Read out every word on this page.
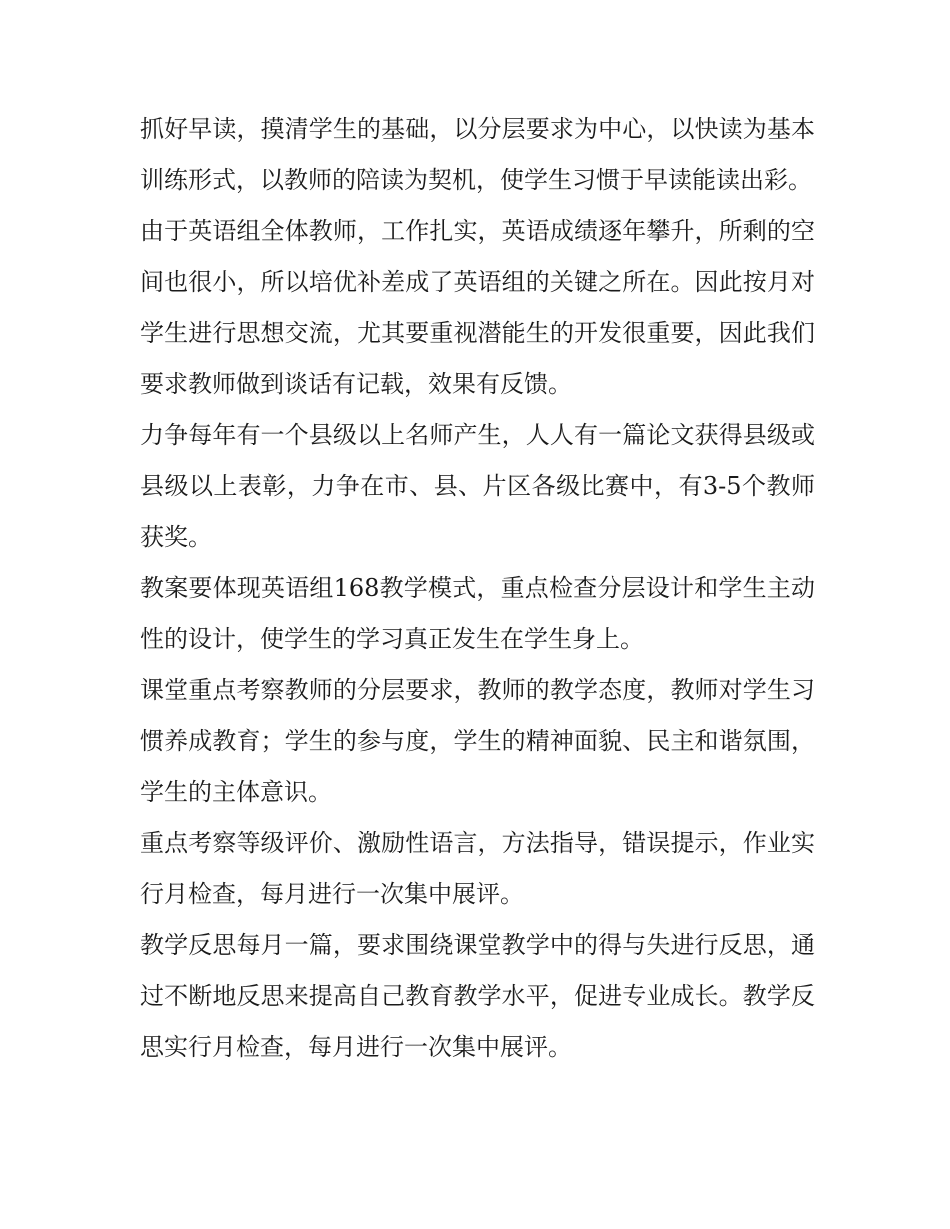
抓好早读，摸清学生的基础，以分层要求为中心，以快读为基本训练形式，以教师的陪读为契机，使学生习惯于早读能读出彩。

由于英语组全体教师，工作扎实，英语成绩逐年攀升，所剩的空间也很小，所以培优补差成了英语组的关键之所在。因此按月对学生进行思想交流，尤其要重视潜能生的开发很重要，因此我们要求教师做到谈话有记载，效果有反馈。

力争每年有一个县级以上名师产生，人人有一篇论文获得县级或县级以上表彰，力争在市、县、片区各级比赛中，有3-5个教师获奖。

教案要体现英语组168教学模式，重点检查分层设计和学生主动性的设计，使学生的学习真正发生在学生身上。

课堂重点考察教师的分层要求，教师的教学态度，教师对学生习惯养成教育；学生的参与度，学生的精神面貌、民主和谐氛围，学生的主体意识。

重点考察等级评价、激励性语言，方法指导，错误提示，作业实行月检查，每月进行一次集中展评。

教学反思每月一篇，要求围绕课堂教学中的得与失进行反思，通过不断地反思来提高自己教育教学水平，促进专业成长。教学反思实行月检查，每月进行一次集中展评。
